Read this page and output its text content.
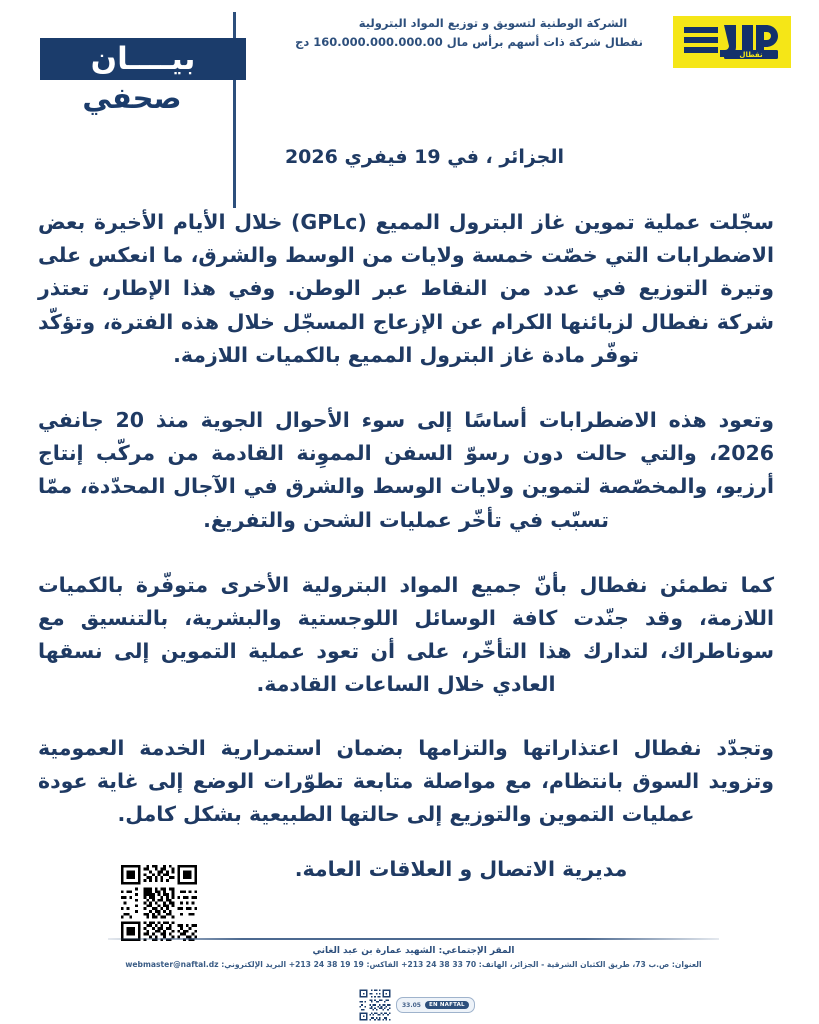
بيــــان
صحفي
الشركة الوطنية لتسويق و توزيع المواد البترولية
نفطال شركة ذات أسهم برأس مال 160.000.000.000.00 دج
نفطال
الجزائر ، في 19 فيفري 2026

سجّلت عملية تموين غاز البترول المميع (GPLc) خلال الأيام الأخيرة بعض الاضطرابات التي خصّت خمسة ولايات من الوسط والشرق، ما انعكس على وتيرة التوزيع في عدد من النقاط عبر الوطن. وفي هذا الإطار، تعتذر شركة نفطال لزبائنها الكرام عن الإزعاج المسجّل خلال هذه الفترة، وتؤكّد توفّر مادة غاز البترول المميع بالكميات اللازمة.

وتعود هذه الاضطرابات أساسًا إلى سوء الأحوال الجوية منذ 20 جانفي 2026، والتي حالت دون رسوّ السفن المموِنة القادمة من مركّب إنتاج أرزيو، والمخصّصة لتموين ولايات الوسط والشرق في الآجال المحدّدة، ممّا تسبّب في تأخّر عمليات الشحن والتفريغ.

كما تطمئن نفطال بأنّ جميع المواد البترولية الأخرى متوفّرة بالكميات اللازمة، وقد جنّدت كافة الوسائل اللوجستية والبشرية، بالتنسيق مع سوناطراك، لتدارك هذا التأخّر، على أن تعود عملية التموين إلى نسقها العادي خلال الساعات القادمة.

وتجدّد نفطال اعتذاراتها والتزامها بضمان استمرارية الخدمة العمومية وتزويد السوق بانتظام، مع مواصلة متابعة تطوّرات الوضع إلى غاية عودة عمليات التموين والتوزيع إلى حالتها الطبيعية بشكل كامل.

مديرية الاتصال و العلاقات العامة.
EN NAFTAL
33.05
المقر الإجتماعي: الشهيد عمارة بن عبد الغاني
العنوان: ص.ب 73، طريق الكثبان الشرقية - الجزائر، الهاتف: +213 24 38 33 70 الفاكس: +213 24 38 19 19 البريد الإلكتروني: webmaster@naftal.dz
